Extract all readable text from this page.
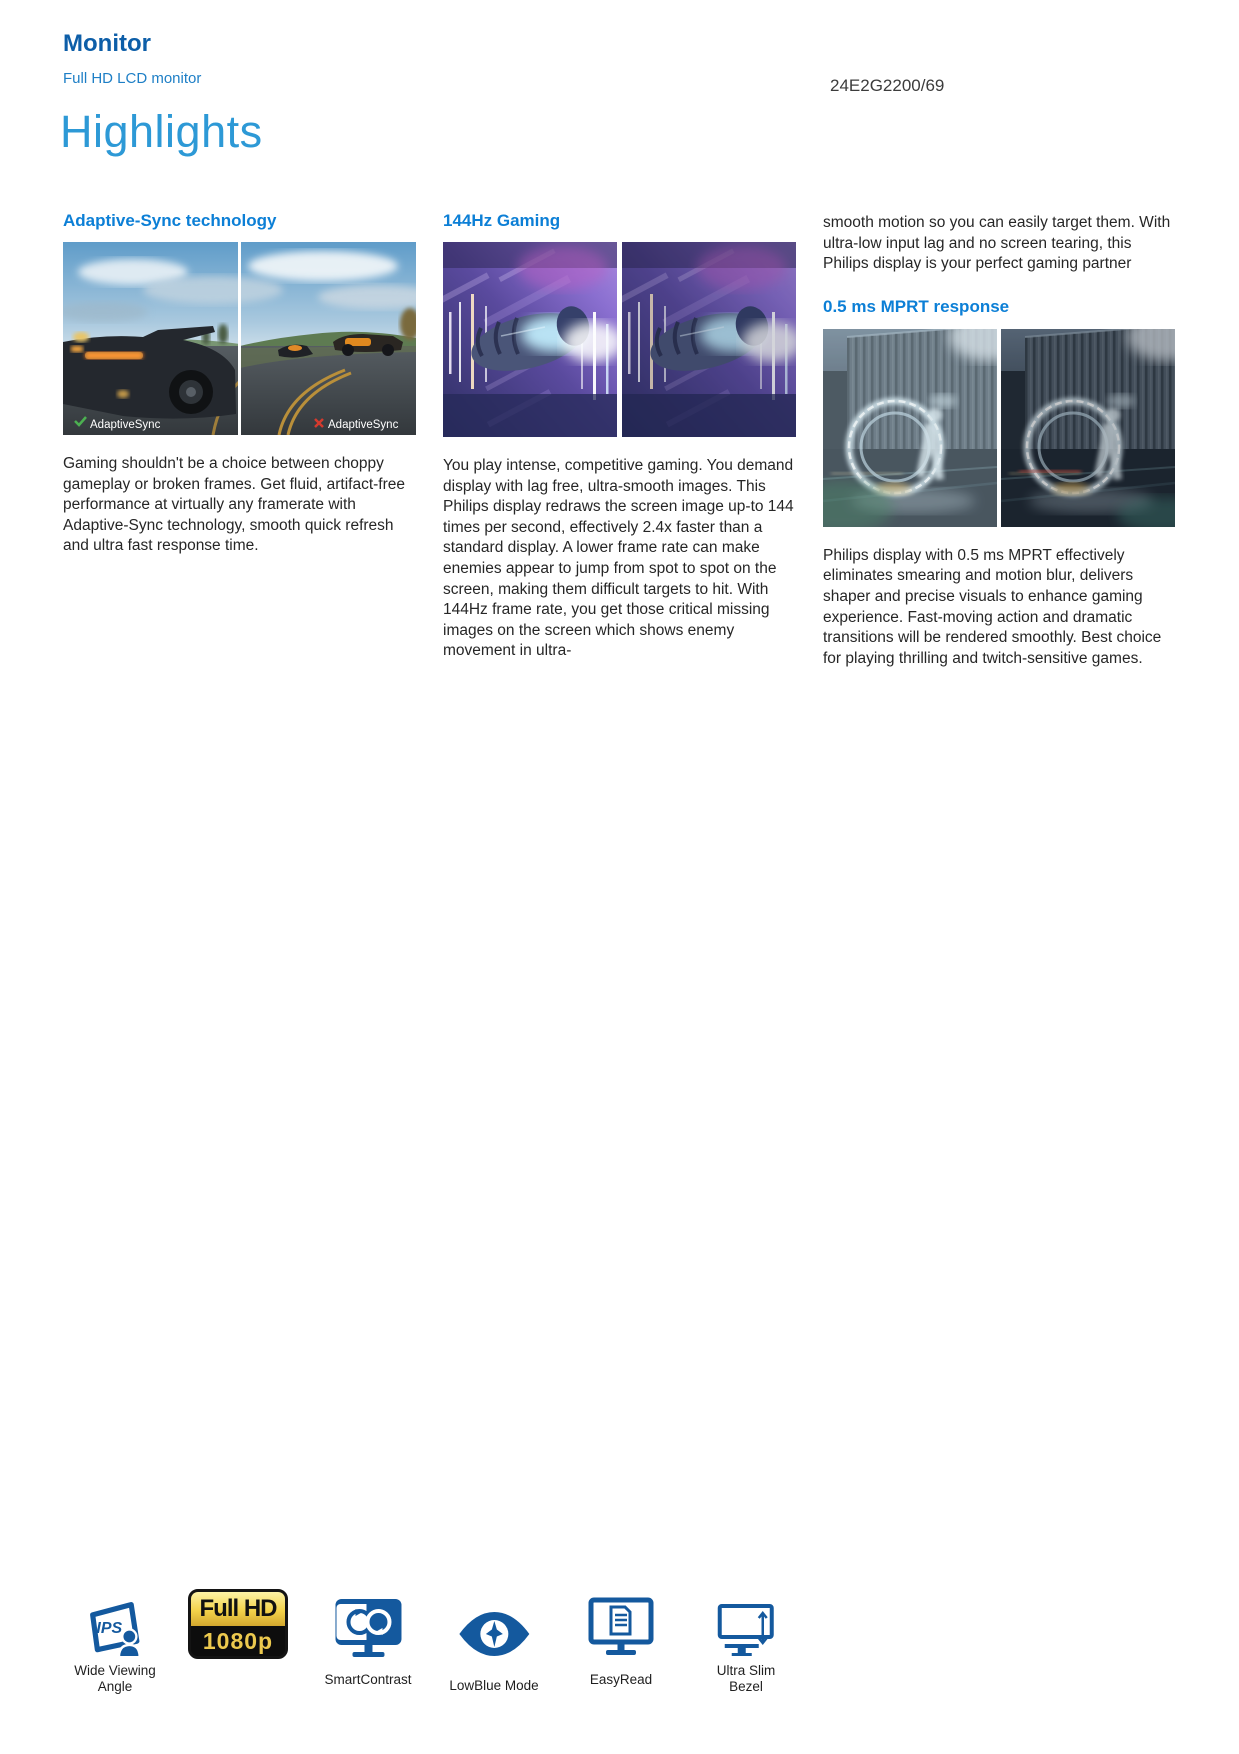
Monitor
Full HD LCD monitor	24E2G2200/69
Highlights
Adaptive-Sync technology
AdaptiveSync	AdaptiveSync
Gaming shouldn't be a choice between choppy gameplay or broken frames. Get fluid, artifact-free performance at virtually any framerate with Adaptive-Sync technology, smooth quick refresh and ultra fast response time.
144Hz Gaming
You play intense, competitive gaming. You demand display with lag free, ultra-smooth images. This Philips display redraws the screen image up-to 144 times per second, effectively 2.4x faster than a standard display. A lower frame rate can make enemies appear to jump from spot to spot on the screen, making them difficult targets to hit. With 144Hz frame rate, you get those critical missing images on the screen which shows enemy movement in ultra-
smooth motion so you can easily target them. With ultra-low input lag and no screen tearing, this Philips display is your perfect gaming partner
0.5 ms MPRT response
Philips display with 0.5 ms MPRT effectively eliminates smearing and motion blur, delivers shaper and precise visuals to enhance gaming experience. Fast-moving action and dramatic transitions will be rendered smoothly. Best choice for playing thrilling and twitch-sensitive games.
IPS
Wide Viewing
Angle
Full HD
1080p
SmartContrast	LowBlue Mode	EasyRead
Ultra Slim
Bezel
